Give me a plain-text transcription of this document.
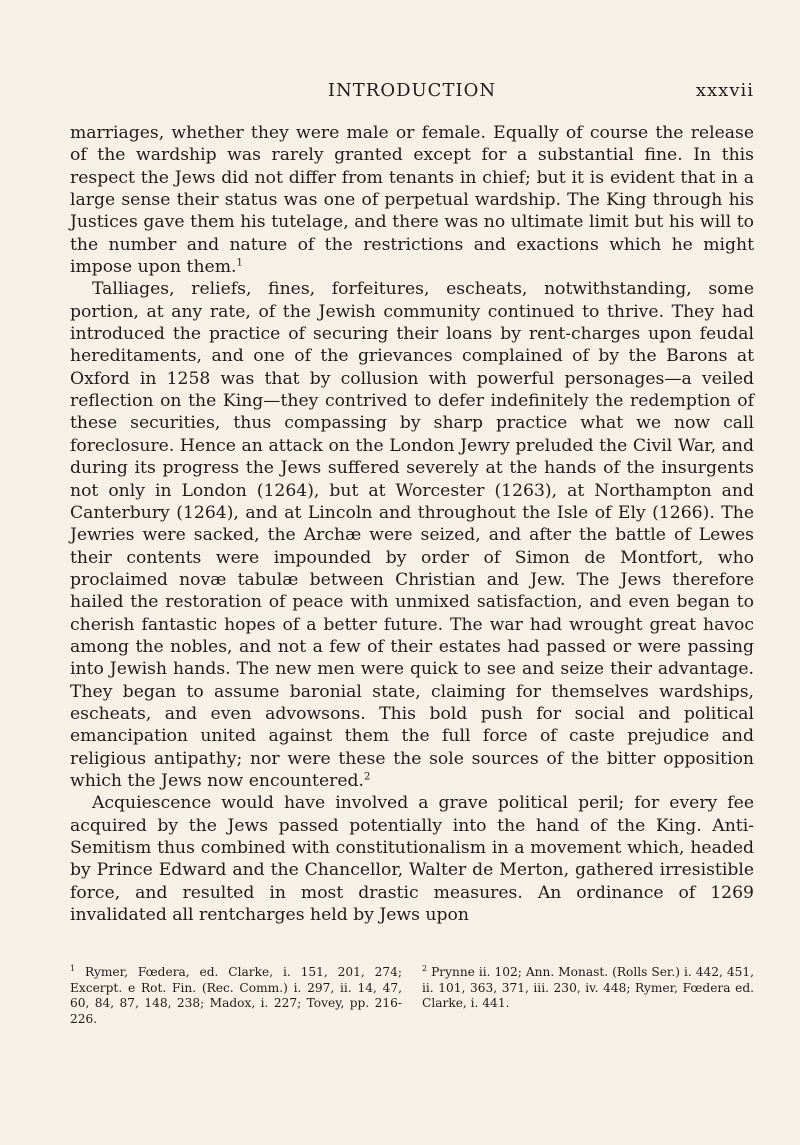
INTRODUCTION	xxxvii

marriages, whether they were male or female. Equally of course the release of the wardship was rarely granted except for a substantial fine. In this respect the Jews did not differ from tenants in chief; but it is evident that in a large sense their status was one of perpetual wardship. The King through his Justices gave them his tutelage, and there was no ultimate limit but his will to the number and nature of the restrictions and exactions which he might impose upon them.$^1$

Talliages, reliefs, fines, forfeitures, escheats, notwithstanding, some portion, at any rate, of the Jewish community continued to thrive. They had introduced the practice of securing their loans by rent-charges upon feudal hereditaments, and one of the grievances complained of by the Barons at Oxford in 1258 was that by collusion with powerful personages—a veiled reflection on the King—they contrived to defer indefinitely the redemption of these securities, thus compassing by sharp practice what we now call foreclosure. Hence an attack on the London Jewry preluded the Civil War, and during its progress the Jews suffered severely at the hands of the insurgents not only in London (1264), but at Worcester (1263), at Northampton and Canterbury (1264), and at Lincoln and throughout the Isle of Ely (1266). The Jewries were sacked, the Archæ were seized, and after the battle of Lewes their contents were impounded by order of Simon de Montfort, who proclaimed novæ tabulæ between Christian and Jew. The Jews therefore hailed the restoration of peace with unmixed satisfaction, and even began to cherish fantastic hopes of a better future. The war had wrought great havoc among the nobles, and not a few of their estates had passed or were passing into Jewish hands. The new men were quick to see and seize their advantage. They began to assume baronial state, claiming for themselves wardships, escheats, and even advowsons. This bold push for social and political emancipation united against them the full force of caste prejudice and religious antipathy; nor were these the sole sources of the bitter opposition which the Jews now encountered.$^2$

Acquiescence would have involved a grave political peril; for every fee acquired by the Jews passed potentially into the hand of the King. Anti-Semitism thus combined with constitutionalism in a movement which, headed by Prince Edward and the Chancellor, Walter de Merton, gathered irresistible force, and resulted in most drastic measures. An ordinance of 1269 invalidated all rentcharges held by Jews upon

$^1$ Rymer, Fœdera, ed. Clarke, i. 151, 201, 274; Excerpt. e Rot. Fin. (Rec. Comm.) i. 297, ii. 14, 47, 60, 84, 87, 148, 238; Madox, i. 227; Tovey, pp. 216-226.
$^2$ Prynne ii. 102; Ann. Monast. (Rolls Ser.) i. 442, 451, ii. 101, 363, 371, iii. 230, iv. 448; Rymer, Fœdera ed. Clarke, i. 441.
